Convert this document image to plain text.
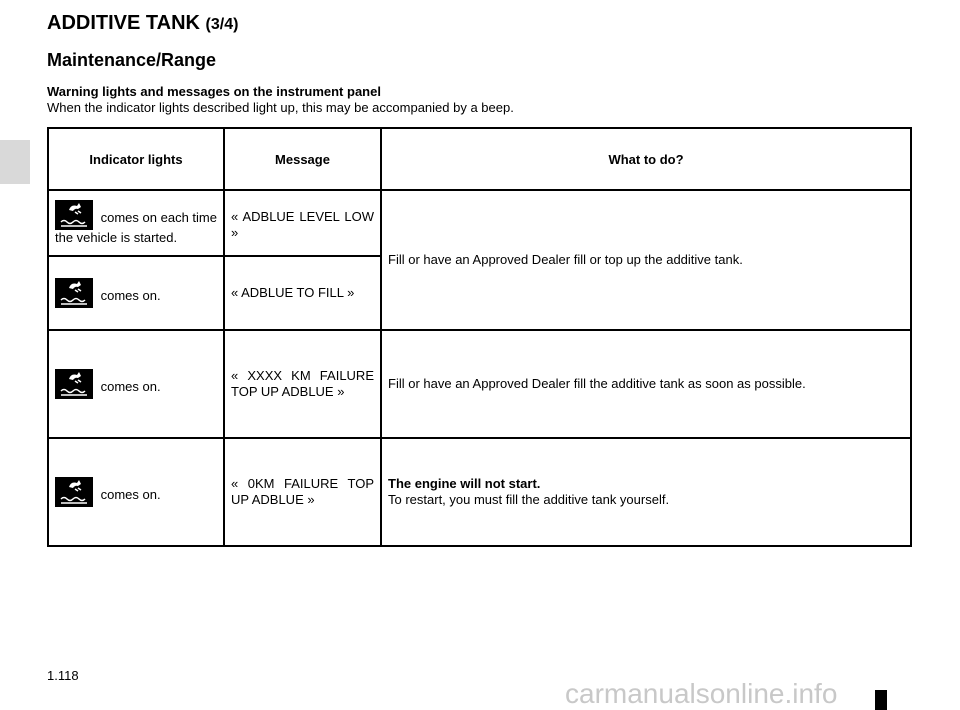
ADDITIVE TANK (3/4)
Maintenance/Range
Warning lights and messages on the instrument panel
When the indicator lights described light up, this may be accompanied by a beep.
Indicator lights	Message	What to do?

comes on each time the vehicle is started.	« ADBLUE LEVEL LOW »	Fill or have an Approved Dealer fill or top up the additive tank.

comes on.	« ADBLUE TO FILL »	

comes on.	« XXXX KM FAILURE TOP UP ADBLUE »	Fill or have an Approved Dealer fill the additive tank as soon as possible.

comes on.	« 0KM FAILURE TOP UP ADBLUE »	The engine will not start.
To restart, you must fill the additive tank yourself.
1.118
carmanualsonline.info
